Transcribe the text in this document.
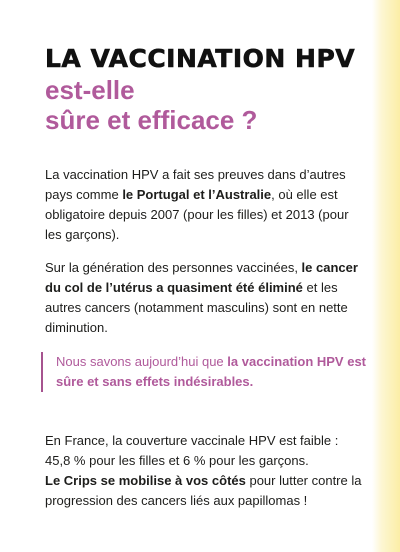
LA VACCINATION HPV
est-elle
sûre et efficace ?

La vaccination HPV a fait ses preuves dans d’autres pays comme le Portugal et l’Australie, où elle est obligatoire depuis 2007 (pour les filles) et 2013 (pour les garçons).

Sur la génération des personnes vaccinées, le cancer du col de l’utérus a quasiment été éliminé et les autres cancers (notamment masculins) sont en nette diminution.

Nous savons aujourd’hui que la vaccination HPV est sûre et sans effets indésirables.

En France, la couverture vaccinale HPV est faible : 45,8 % pour les filles et 6 % pour les garçons.
Le Crips se mobilise à vos côtés pour lutter contre la progression des cancers liés aux papillomas !
